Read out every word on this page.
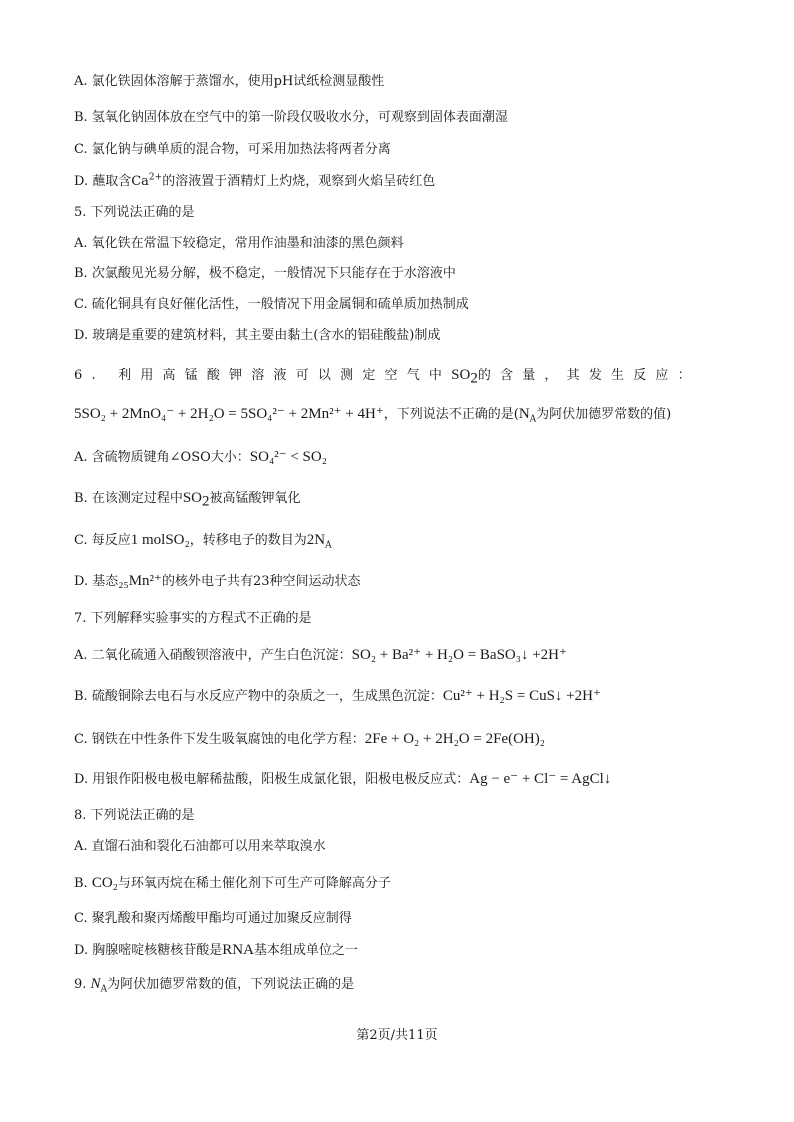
A. 氯化铁固体溶解于蒸馏水，使用pH试纸检测显酸性
B. 氢氧化钠固体放在空气中的第一阶段仅吸收水分，可观察到固体表面潮湿
C. 氯化钠与碘单质的混合物，可采用加热法将两者分离
D. 蘸取含$Ca^{2+}$的溶液置于酒精灯上灼烧，观察到火焰呈砖红色
5. 下列说法正确的是
A. 氧化铁在常温下较稳定，常用作油墨和油漆的黑色颜料
B. 次氯酸见光易分解，极不稳定，一般情况下只能存在于水溶液中
C. 硫化铜具有良好催化活性，一般情况下用金属铜和硫单质加热制成
D. 玻璃是重要的建筑材料，其主要由黏土(含水的铝硅酸盐)制成
6. 利用高锰酸钾溶液可以测定空气中$SO_2$的含量，其发生反应：
5SO₂ + 2MnO₄⁻ + 2H₂O = 5SO₄²⁻ + 2Mn²⁺ + 4H⁺，下列说法不正确的是($N_A$为阿伏加德罗常数的值)
A. 含硫物质键角∠OSO大小：SO₄²⁻ < SO₂
B. 在该测定过程中$SO_2$被高锰酸钾氧化
C. 每反应1 molSO₂，转移电子的数目为$2N_A$
D. 基态₂₅Mn²⁺的核外电子共有23种空间运动状态
7. 下列解释实验事实的方程式不正确的是
A. 二氧化硫通入硝酸钡溶液中，产生白色沉淀：SO₂ + Ba²⁺ + H₂O = BaSO₃↓ +2H⁺
B. 硫酸铜除去电石与水反应产物中的杂质之一，生成黑色沉淀：Cu²⁺ + H₂S = CuS↓ +2H⁺
C. 钢铁在中性条件下发生吸氧腐蚀的电化学方程：2Fe + O₂ + 2H₂O = 2Fe(OH)₂
D. 用银作阳极电极电解稀盐酸，阳极生成氯化银，阳极电极反应式：Ag − e⁻ + Cl⁻ = AgCl↓
8. 下列说法正确的是
A. 直馏石油和裂化石油都可以用来萃取溴水
B. CO₂与环氧丙烷在稀土催化剂下可生产可降解高分子
C. 聚乳酸和聚丙烯酸甲酯均可通过加聚反应制得
D. 胸腺嘧啶核糖核苷酸是RNA基本组成单位之一
9. $N_A$为阿伏加德罗常数的值，下列说法正确的是
第2页/共11页
